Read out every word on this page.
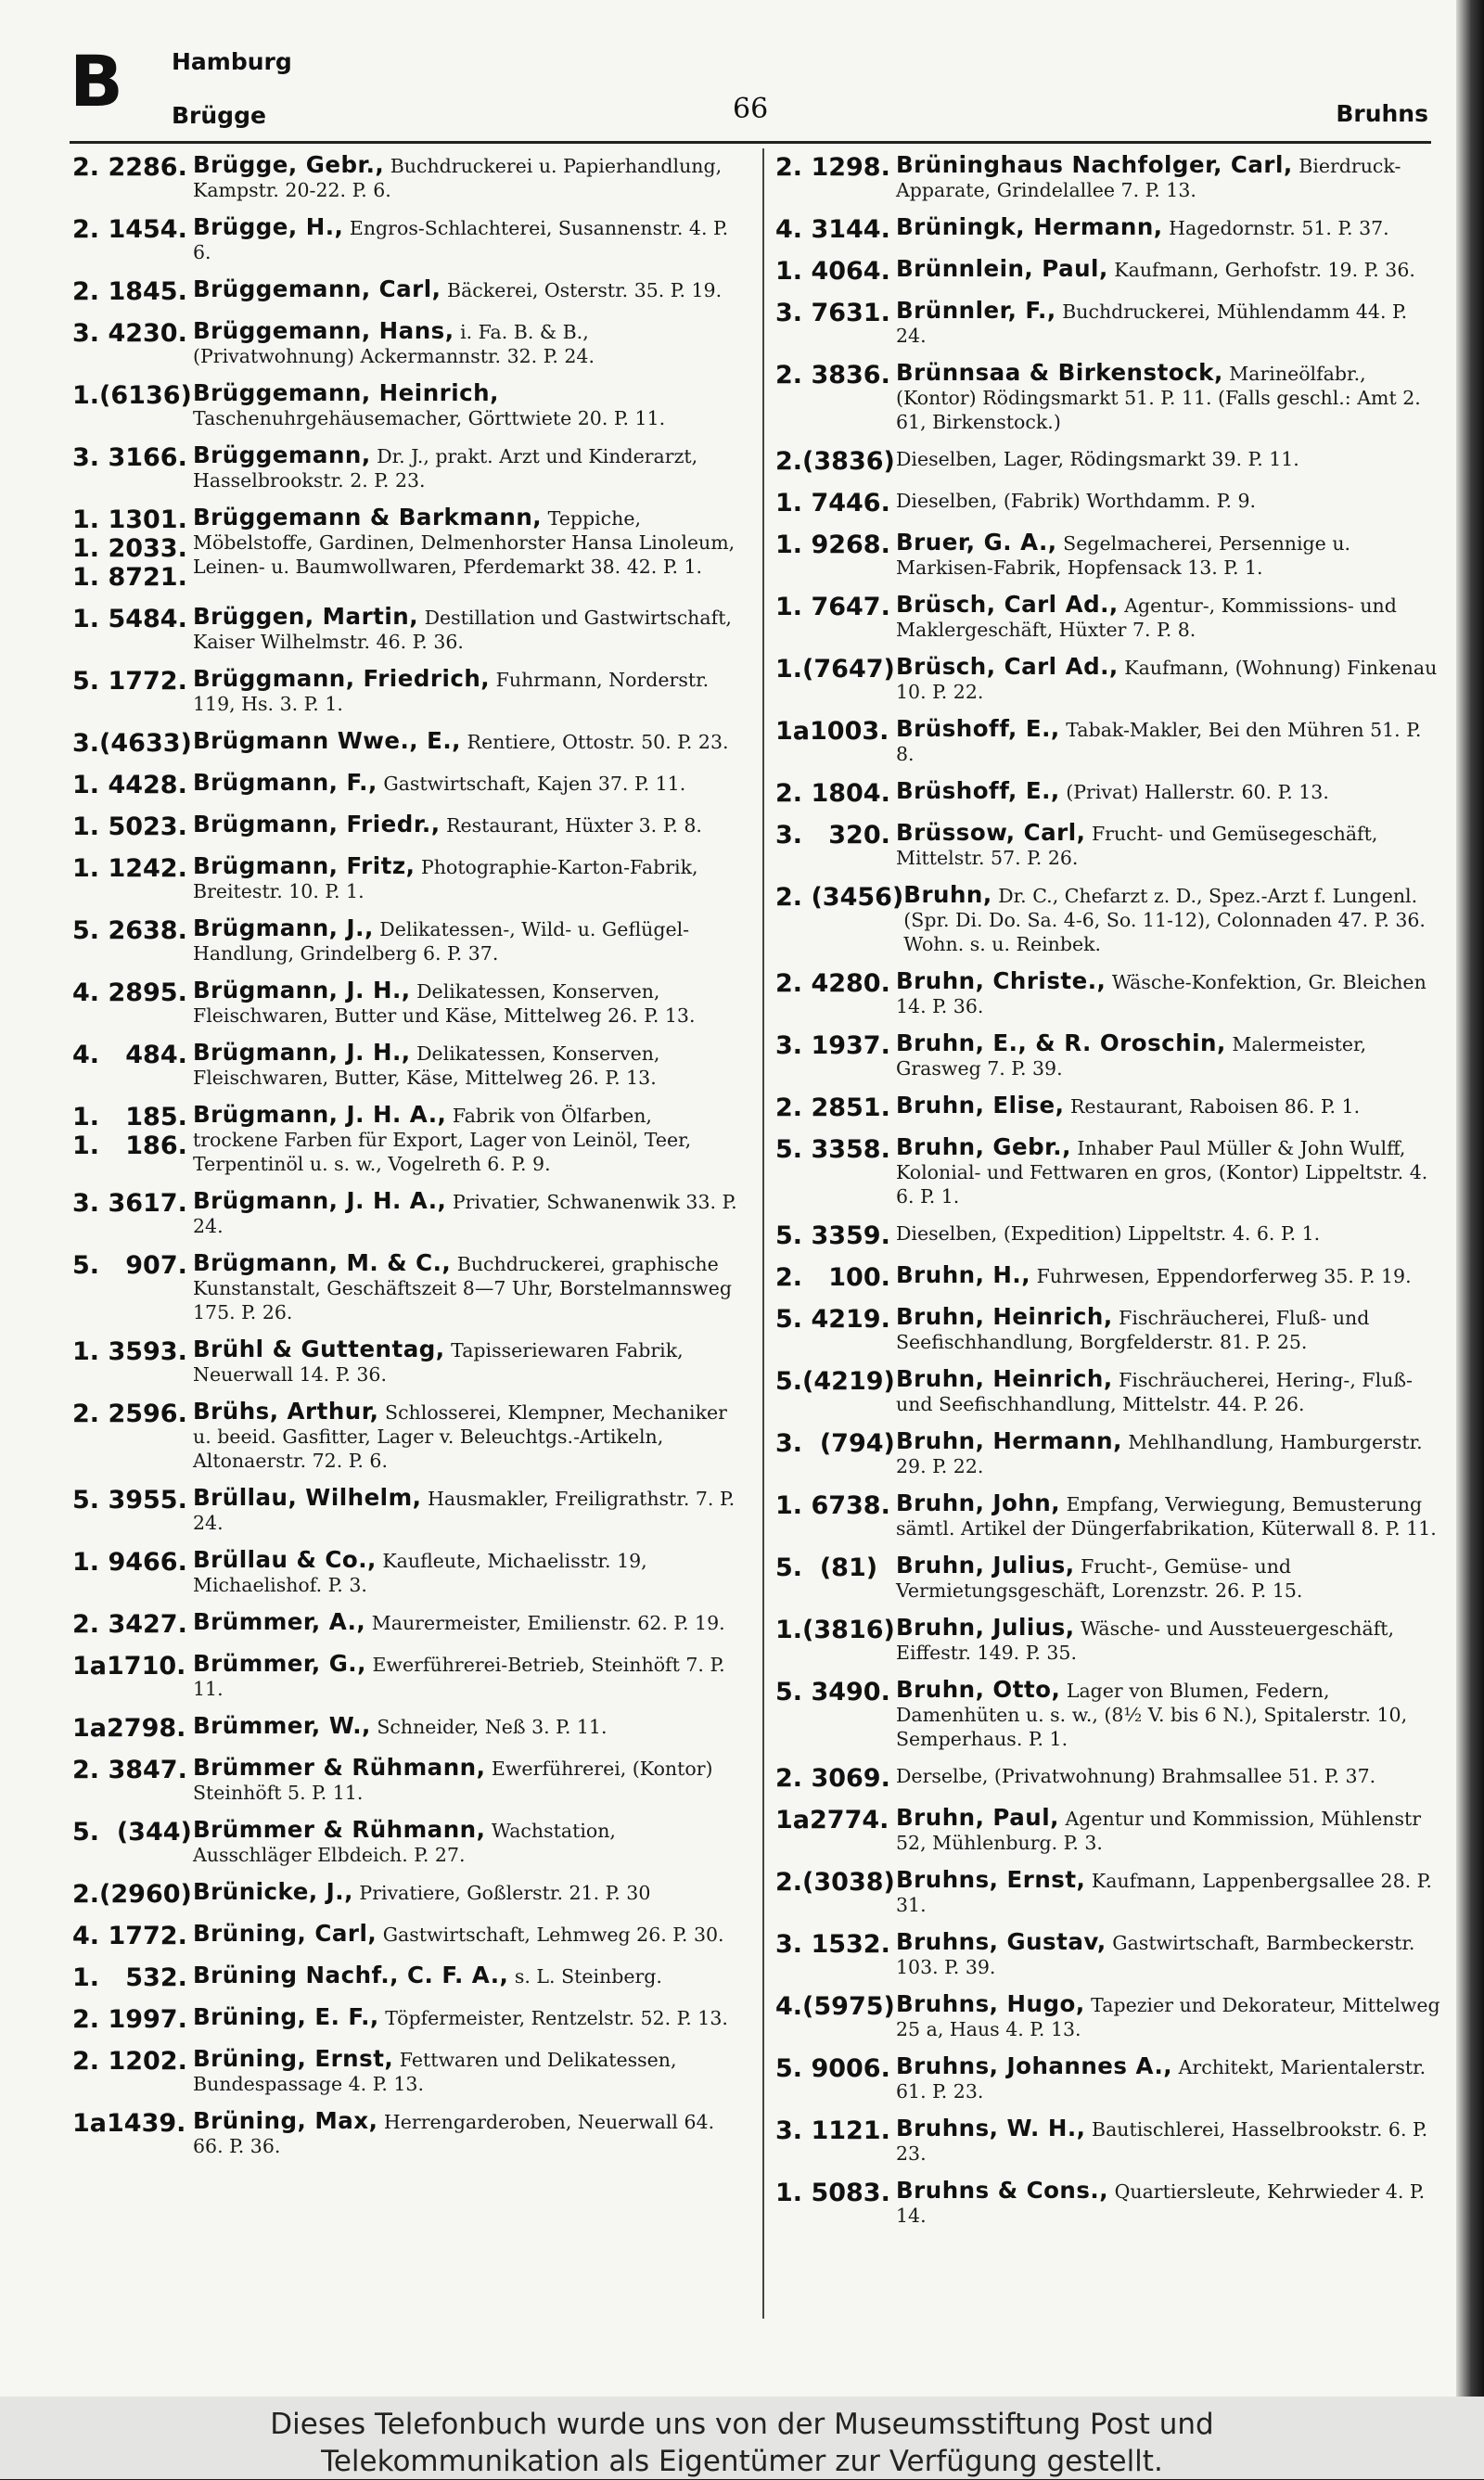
B Hamburg
Brügge	66	Bruhns
2. 2286. Brügge, Gebr., Buchdruckerei u. Papierhandlung, Kampstr. 20-22. P. 6.
2. 1454. Brügge, H., Engros-Schlachterei, Susannenstr. 4. P. 6.
2. 1845. Brüggemann, Carl, Bäckerei, Osterstr. 35. P. 19.
3. 4230. Brüggemann, Hans, i. Fa. B. & B., (Privatwohnung) Ackermannstr. 32. P. 24.
1.(6136) Brüggemann, Heinrich, Taschenuhrgehäusemacher, Görttwiete 20. P. 11.
3. 3166. Brüggemann, Dr. J., prakt. Arzt und Kinderarzt, Hasselbrookstr. 2. P. 23.
1. 1301.
1. 2033.
1. 8721.
Brüggemann & Barkmann, Teppiche, Möbelstoffe, Gardinen, Delmenhorster Hansa Linoleum, Leinen- u. Baumwollwaren, Pferdemarkt 38. 42. P. 1.
1. 5484. Brüggen, Martin, Destillation und Gastwirtschaft, Kaiser Wilhelmstr. 46. P. 36.
5. 1772. Brüggmann, Friedrich, Fuhrmann, Norderstr. 119, Hs. 3. P. 1.
3.(4633) Brügmann Wwe., E., Rentiere, Ottostr. 50. P. 23.
1. 4428. Brügmann, F., Gastwirtschaft, Kajen 37. P. 11.
1. 5023. Brügmann, Friedr., Restaurant, Hüxter 3. P. 8.
1. 1242. Brügmann, Fritz, Photographie-Karton-Fabrik, Breitestr. 10. P. 1.
5. 2638. Brügmann, J., Delikatessen-, Wild- u. Geflügel-Handlung, Grindelberg 6. P. 37.
4. 2895. Brügmann, J. H., Delikatessen, Konserven, Fleischwaren, Butter und Käse, Mittelweg 26. P. 13.
4.   484. Brügmann, J. H., Delikatessen, Konserven, Fleischwaren, Butter, Käse, Mittelweg 26. P. 13.
1.   185.
1.   186.
Brügmann, J. H. A., Fabrik von Ölfarben, trockene Farben für Export, Lager von Leinöl, Teer, Terpentinöl u. s. w., Vogelreth 6. P. 9.
3. 3617. Brügmann, J. H. A., Privatier, Schwanenwik 33. P. 24.
5.   907. Brügmann, M. & C., Buchdruckerei, graphische Kunstanstalt, Geschäftszeit 8—7 Uhr, Borstelmannsweg 175. P. 26.
1. 3593. Brühl & Guttentag, Tapisseriewaren Fabrik, Neuerwall 14. P. 36.
2. 2596. Brühs, Arthur, Schlosserei, Klempner, Mechaniker u. beeid. Gasfitter, Lager v. Beleuchtgs.-Artikeln, Altonaerstr. 72. P. 6.
5. 3955. Brüllau, Wilhelm, Hausmakler, Freiligrathstr. 7. P. 24.
1. 9466. Brüllau & Co., Kaufleute, Michaelisstr. 19, Michaelishof. P. 3.
2. 3427. Brümmer, A., Maurermeister, Emilienstr. 62. P. 19.
1a1710. Brümmer, G., Ewerführerei-Betrieb, Steinhöft 7. P. 11.
1a2798. Brümmer, W., Schneider, Neß 3. P. 11.
2. 3847. Brümmer & Rühmann, Ewerführerei, (Kontor) Steinhöft 5. P. 11.
5.  (344) Brümmer & Rühmann, Wachstation, Ausschläger Elbdeich. P. 27.
2.(2960) Brünicke, J., Privatiere, Goßlerstr. 21. P. 30
4. 1772. Brüning, Carl, Gastwirtschaft, Lehmweg 26. P. 30.
1.   532. Brüning Nachf., C. F. A., s. L. Steinberg.
2. 1997. Brüning, E. F., Töpfermeister, Rentzelstr. 52. P. 13.
2. 1202. Brüning, Ernst, Fettwaren und Delikatessen, Bundespassage 4. P. 13.
1a1439. Brüning, Max, Herrengarderoben, Neuerwall 64. 66. P. 36.
2. 1298. Brüninghaus Nachfolger, Carl, Bierdruck-Apparate, Grindelallee 7. P. 13.
4. 3144. Brüningk, Hermann, Hagedornstr. 51. P. 37.
1. 4064. Brünnlein, Paul, Kaufmann, Gerhofstr. 19. P. 36.
3. 7631. Brünnler, F., Buchdruckerei, Mühlendamm 44. P. 24.
2. 3836. Brünnsaa & Birkenstock, Marineölfabr., (Kontor) Rödingsmarkt 51. P. 11. (Falls geschl.: Amt 2. 61, Birkenstock.)
2.(3836) Dieselben, Lager, Rödingsmarkt 39. P. 11.
1. 7446. Dieselben, (Fabrik) Worthdamm. P. 9.
1. 9268. Bruer, G. A., Segelmacherei, Persennige u. Markisen-Fabrik, Hopfensack 13. P. 1.
1. 7647. Brüsch, Carl Ad., Agentur-, Kommissions- und Maklergeschäft, Hüxter 7. P. 8.
1.(7647) Brüsch, Carl Ad., Kaufmann, (Wohnung) Finkenau 10. P. 22.
1a1003. Brüshoff, E., Tabak-Makler, Bei den Mühren 51. P. 8.
2. 1804. Brüshoff, E., (Privat) Hallerstr. 60. P. 13.
3.   320. Brüssow, Carl, Frucht- und Gemüsegeschäft, Mittelstr. 57. P. 26.
2. (3456) Bruhn, Dr. C., Chefarzt z. D., Spez.-Arzt f. Lungenl. (Spr. Di. Do. Sa. 4-6, So. 11-12), Colonnaden 47. P. 36. Wohn. s. u. Reinbek.
2. 4280. Bruhn, Christe., Wäsche-Konfektion, Gr. Bleichen 14. P. 36.
3. 1937. Bruhn, E., & R. Oroschin, Malermeister, Grasweg 7. P. 39.
2. 2851. Bruhn, Elise, Restaurant, Raboisen 86. P. 1.
5. 3358. Bruhn, Gebr., Inhaber Paul Müller & John Wulff, Kolonial- und Fettwaren en gros, (Kontor) Lippeltstr. 4. 6. P. 1.
5. 3359. Dieselben, (Expedition) Lippeltstr. 4. 6. P. 1.
2.   100. Bruhn, H., Fuhrwesen, Eppendorferweg 35. P. 19.
5. 4219. Bruhn, Heinrich, Fischräucherei, Fluß- und Seefischhandlung, Borgfelderstr. 81. P. 25.
5.(4219) Bruhn, Heinrich, Fischräucherei, Hering-, Fluß- und Seefischhandlung, Mittelstr. 44. P. 26.
3.  (794) Bruhn, Hermann, Mehlhandlung, Hamburgerstr. 29. P. 22.
1. 6738. Bruhn, John, Empfang, Verwiegung, Bemusterung sämtl. Artikel der Düngerfabrikation, Küterwall 8. P. 11.
5.  (81) Bruhn, Julius, Frucht-, Gemüse- und Vermietungsgeschäft, Lorenzstr. 26. P. 15.
1.(3816) Bruhn, Julius, Wäsche- und Aussteuergeschäft, Eiffestr. 149. P. 35.
5. 3490. Bruhn, Otto, Lager von Blumen, Federn, Damenhüten u. s. w., (8½ V. bis 6 N.), Spitalerstr. 10, Semperhaus. P. 1.
2. 3069. Derselbe, (Privatwohnung) Brahmsallee 51. P. 37.
1a2774. Bruhn, Paul, Agentur und Kommission, Mühlenstr 52, Mühlenburg. P. 3.
2.(3038) Bruhns, Ernst, Kaufmann, Lappenbergsallee 28. P. 31.
3. 1532. Bruhns, Gustav, Gastwirtschaft, Barmbeckerstr. 103. P. 39.
4.(5975) Bruhns, Hugo, Tapezier und Dekorateur, Mittelweg 25 a, Haus 4. P. 13.
5. 9006. Bruhns, Johannes A., Architekt, Marientalerstr. 61. P. 23.
3. 1121. Bruhns, W. H., Bautischlerei, Hasselbrookstr. 6. P. 23.
1. 5083. Bruhns & Cons., Quartiersleute, Kehrwieder 4. P. 14.
Dieses Telefonbuch wurde uns von der Museumsstiftung Post und
Telekommunikation als Eigentümer zur Verfügung gestellt.
